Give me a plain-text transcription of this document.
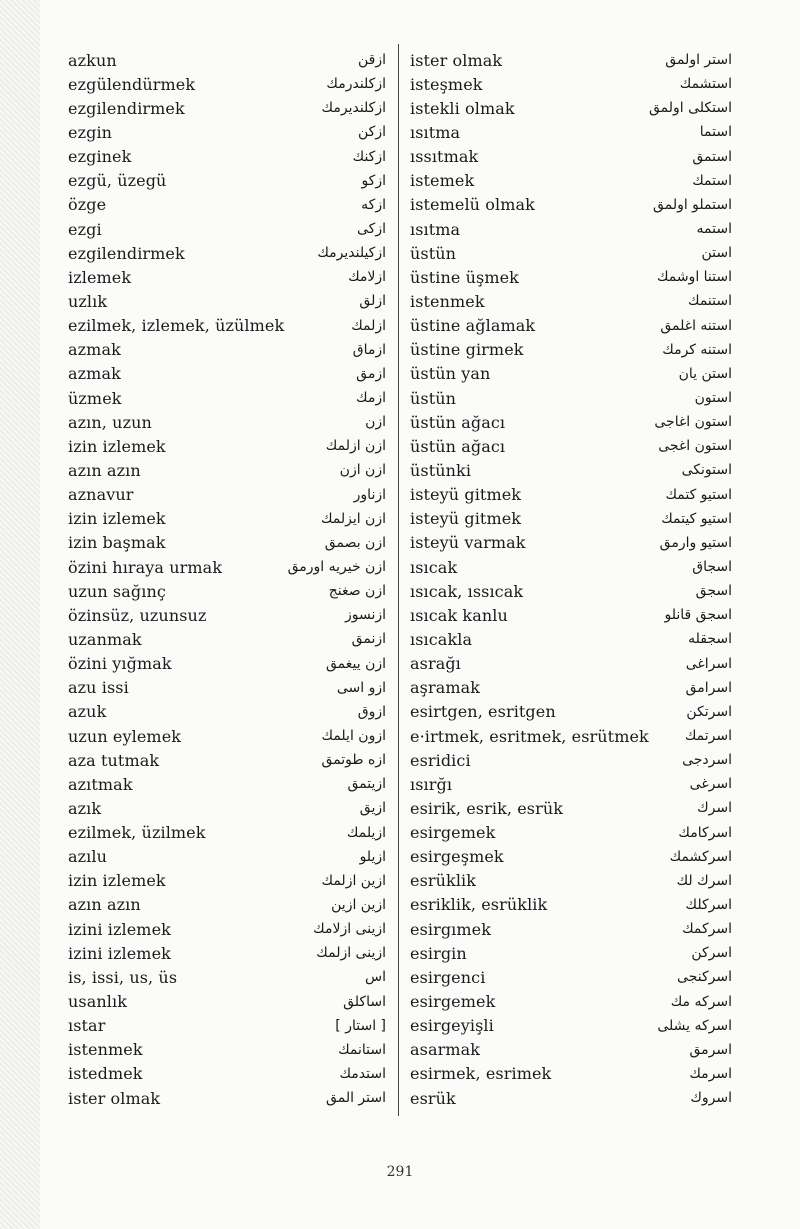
azkun	ازقن
ezgülendürmek	ازكلندرمك
ezgilendirmek	ازكلنديرمك
ezgin	ازكن
ezginek	ازكنك
ezgü, üzegü	ازكو
özge	ازكه
ezgi	ازكى
ezgilendirmek	ازكيلنديرمك
izlemek	ازلامك
uzlık	ازلق
ezilmek, izlemek, üzülmek	ازلمك
azmak	ازماق
azmak	ازمق
üzmek	ازمك
azın, uzun	ازن
izin izlemek	ازن ازلمك
azın azın	ازن ازن
aznavur	ازناور
izin izlemek	ازن ايزلمك
izin başmak	ازن بصمق
özini hıraya urmak	ازن خيريه اورمق
uzun sağınç	ازن صغنج
özinsüz, uzunsuz	ازنسوز
uzanmak	ازنمق
özini yığmak	ازن ييغمق
azu issi	ازو اسى
azuk	ازوق
uzun eylemek	ازون ايلمك
aza tutmak	ازه طوتمق
azıtmak	ازيتمق
azık	ازيق
ezilmek, üzilmek	ازيلمك
azılu	ازيلو
izin izlemek	ازين ازلمك
azın azın	ازين ازين
izini izlemek	ازينى ازلامك
izini izlemek	ازينى ازلمك
is, issi, us, üs	اس
usanlık	اساكلق
ıstar	[ استار ]
istenmek	استانمك
istedmek	استدمك
ister olmak	استر المق
ister olmak	استر اولمق
isteşmek	استشمك
istekli olmak	استكلى اولمق
ısıtma	استما
ıssıtmak	استمق
istemek	استمك
istemelü olmak	استملو اولمق
ısıtma	استمه
üstün	استن
üstine üşmek	استنا اوشمك
istenmek	استنمك
üstine ağlamak	استنه اغلمق
üstine girmek	استنه كرمك
üstün yan	استن يان
üstün	استون
üstün ağacı	استون اغاجى
üstün ağacı	استون اغجى
üstünki	استونكى
isteyü gitmek	استيو كتمك
isteyü gitmek	استيو كيتمك
isteyü varmak	استيو وارمق
ısıcak	اسجاق
ısıcak, ıssıcak	اسجق
ısıcak kanlu	اسجق قانلو
ısıcakla	اسجقله
asrağı	اسراغى
aşramak	اسرامق
esirtgen, esritgen	اسرتكن
e·irtmek, esritmek, esrütmek	اسرتمك
esridici	اسردجى
ısırğı	اسرغى
esirik, esrik, esrük	اسرك
esirgemek	اسركامك
esirgeşmek	اسركشمك
esrüklik	اسرك لك
esriklik, esrüklik	اسركلك
esirgımek	اسركمك
esirgin	اسركن
esirgenci	اسركنجى
esirgemek	اسركه مك
esirgeyişli	اسركه يشلى
asarmak	اسرمق
esirmek, esrimek	اسرمك
esrük	اسروك
291
